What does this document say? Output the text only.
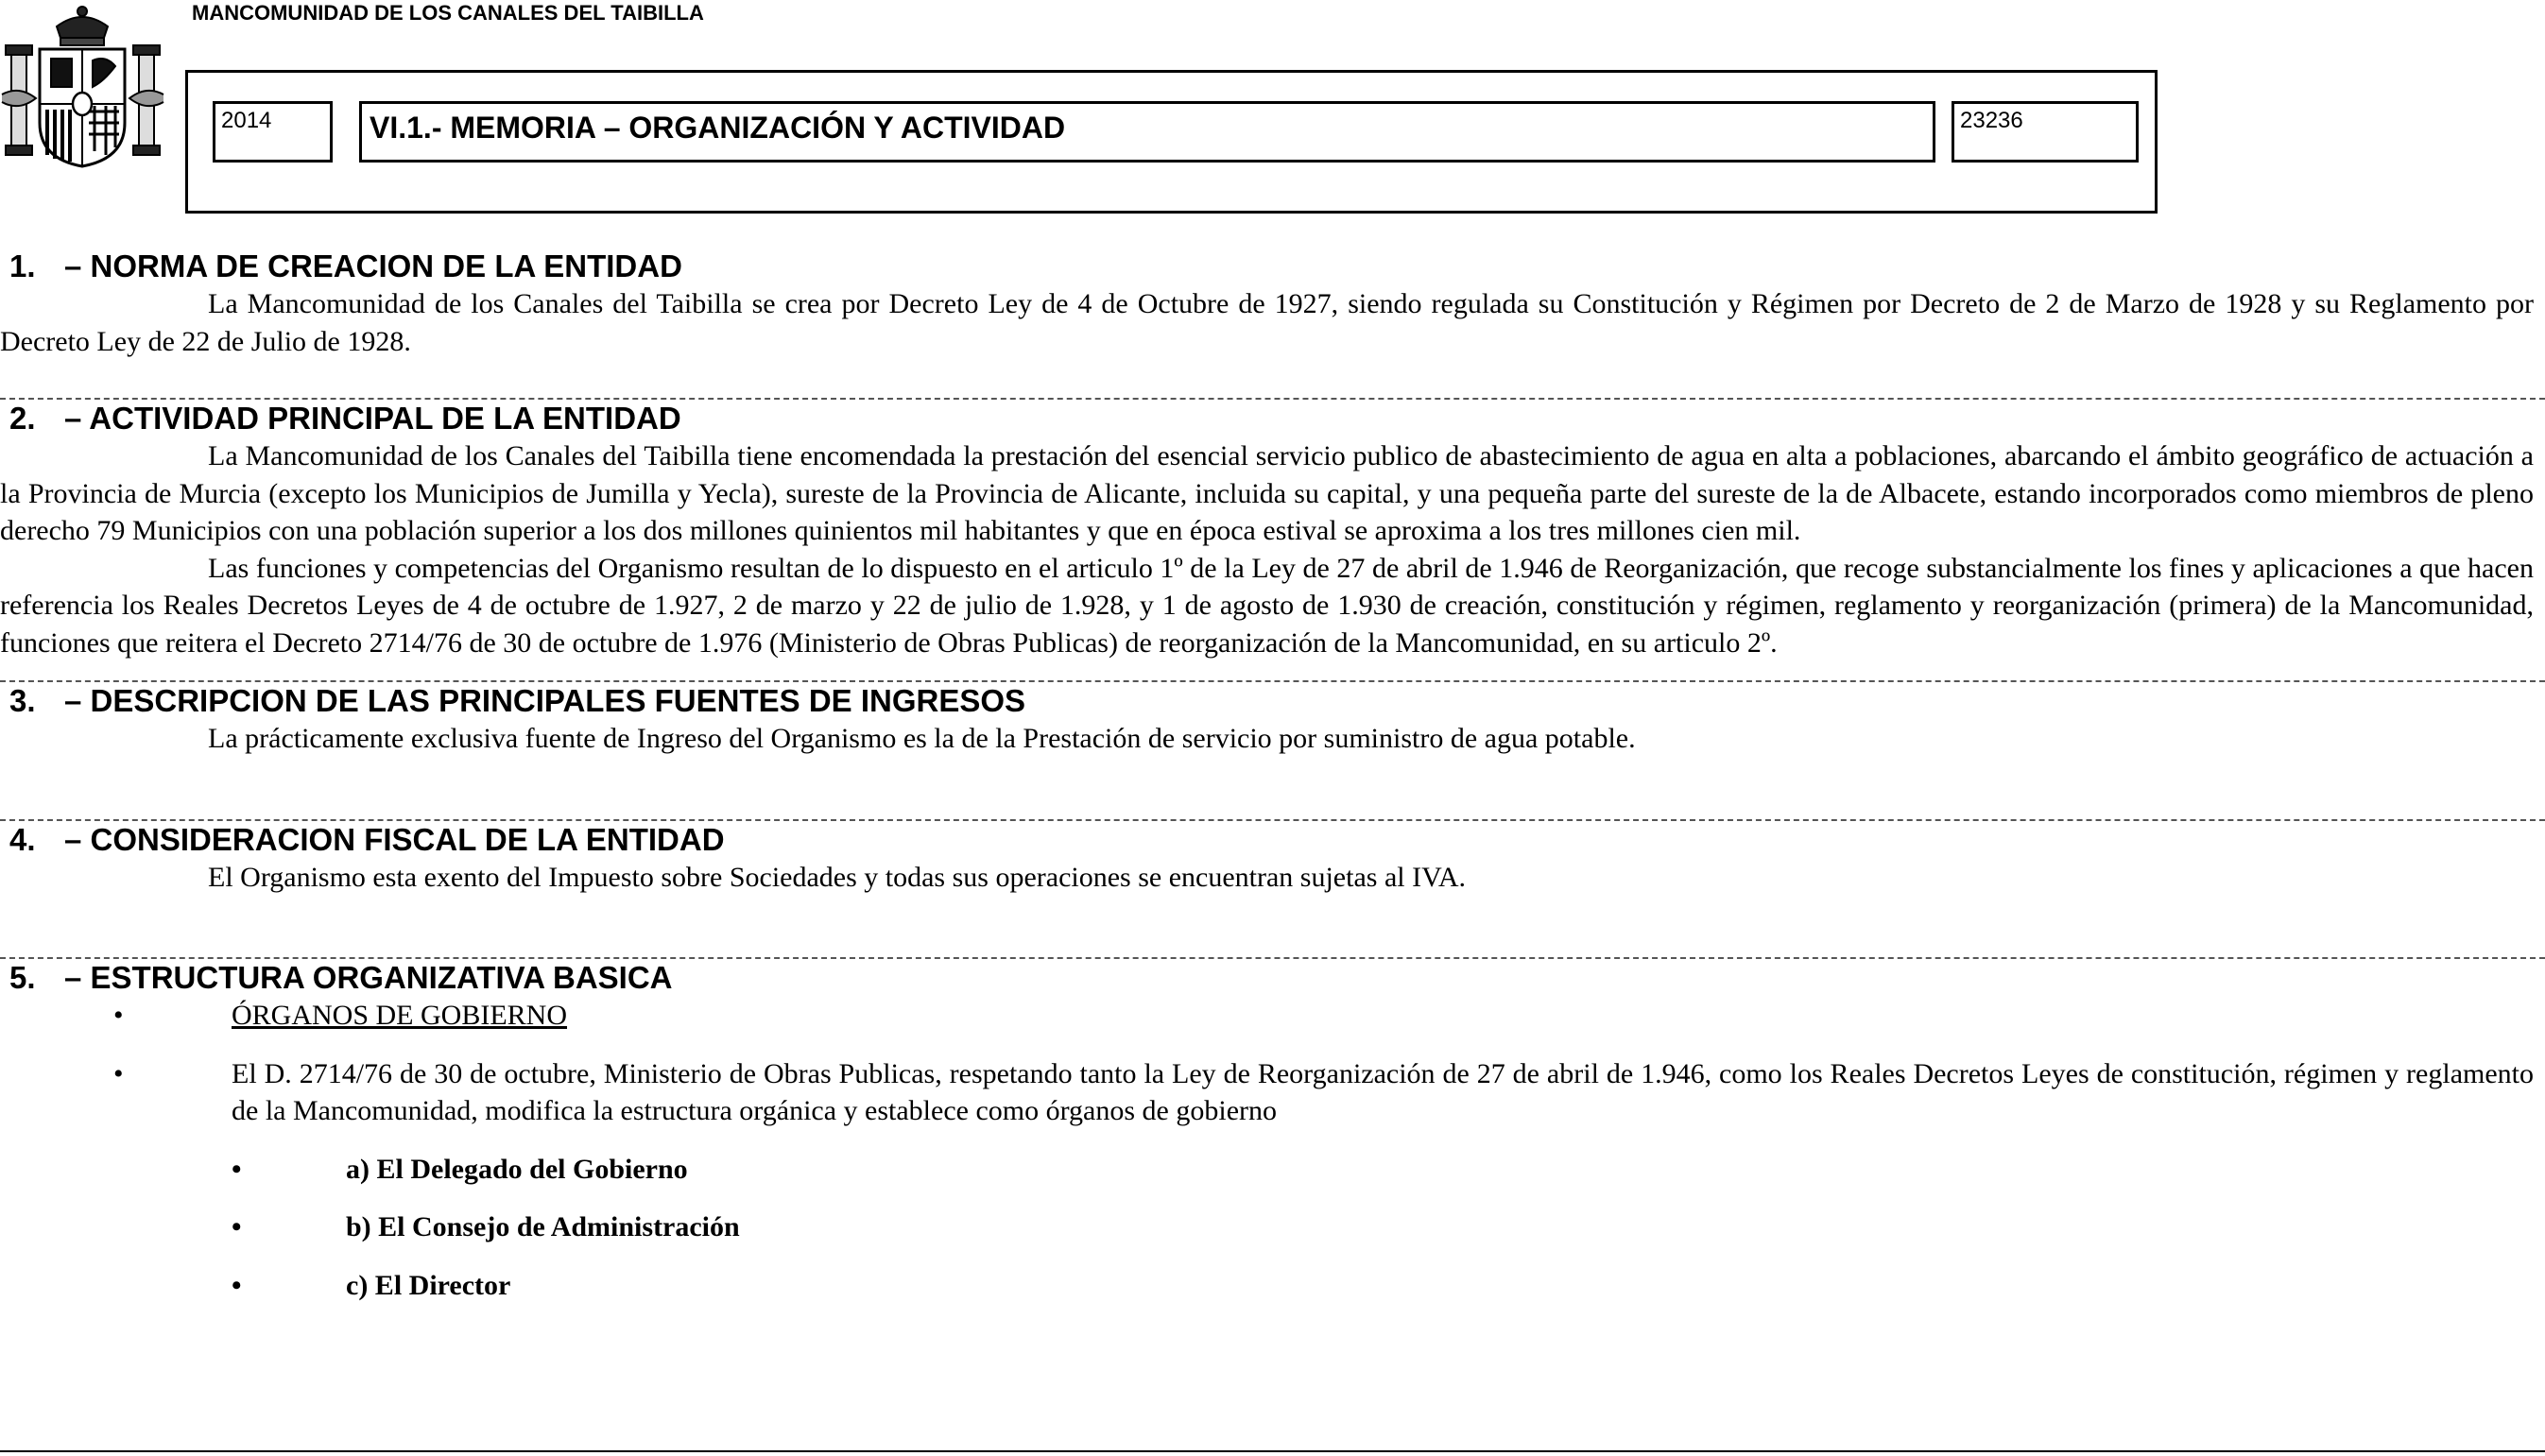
MANCOMUNIDAD DE LOS CANALES DEL TAIBILLA
2014	VI.1.- MEMORIA – ORGANIZACIÓN Y ACTIVIDAD	23236
1. – NORMA DE CREACION DE LA ENTIDAD
La Mancomunidad de los Canales del Taibilla se crea por Decreto Ley de 4 de Octubre de 1927, siendo regulada su Constitución y Régimen por Decreto de 2 de Marzo de 1928 y su Reglamento por Decreto Ley de 22 de Julio de 1928.
2. – ACTIVIDAD PRINCIPAL DE LA ENTIDAD
La Mancomunidad de los Canales del Taibilla tiene encomendada la prestación del esencial servicio publico de abastecimiento de agua en alta a poblaciones, abarcando el ámbito geográfico de actuación a la Provincia de Murcia (excepto los Municipios de Jumilla y Yecla), sureste de la Provincia de Alicante, incluida su capital, y una pequeña parte del sureste de la de Albacete, estando incorporados como miembros de pleno derecho 79 Municipios con una población superior a los dos millones quinientos mil habitantes y que en época estival se aproxima a los tres millones cien mil.
Las funciones y competencias del Organismo resultan de lo dispuesto en el articulo 1º de la Ley de 27 de abril de 1.946 de Reorganización, que recoge substancialmente los fines y aplicaciones a que hacen referencia los Reales Decretos Leyes de 4 de octubre de 1.927, 2 de marzo y 22 de julio de 1.928, y 1 de agosto de 1.930 de creación, constitución y régimen, reglamento y reorganización (primera) de la Mancomunidad, funciones que reitera el Decreto 2714/76 de 30 de octubre de 1.976 (Ministerio de Obras Publicas) de reorganización de la Mancomunidad, en su articulo 2º.
3. – DESCRIPCION DE LAS PRINCIPALES FUENTES DE INGRESOS
La prácticamente exclusiva fuente de Ingreso del Organismo es la de la Prestación de servicio por suministro de agua potable.
4. – CONSIDERACION FISCAL DE LA ENTIDAD
El Organismo esta exento del Impuesto sobre Sociedades y todas sus operaciones se encuentran sujetas al IVA.
5. – ESTRUCTURA ORGANIZATIVA BASICA
•	ÓRGANOS DE GOBIERNO
•	El D. 2714/76 de 30 de octubre, Ministerio de Obras Publicas, respetando tanto la Ley de Reorganización de 27 de abril de 1.946, como los Reales Decretos Leyes de constitución, régimen y reglamento de la Mancomunidad, modifica la estructura orgánica y establece como órganos de gobierno
•	a) El Delegado del Gobierno
•	b) El Consejo de Administración
•	c) El Director
